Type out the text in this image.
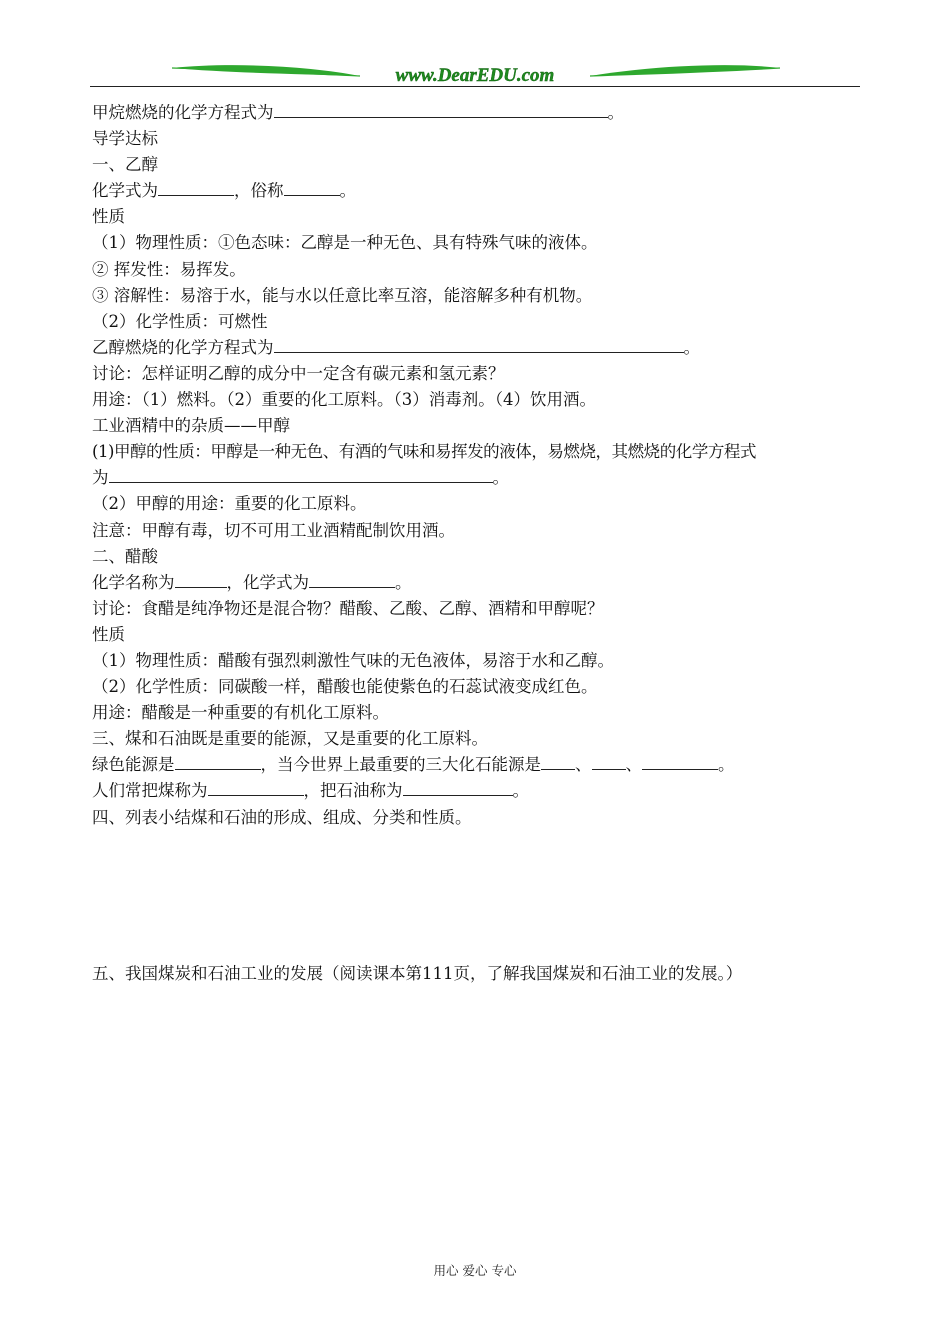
www.DearEDU.com
甲烷燃烧的化学方程式为	。
导学达标
一、乙醇
化学式为	，俗称	。
性质
（1）物理性质：①色态味：乙醇是一种无色、具有特殊气味的液体。
② 挥发性：易挥发。
③ 溶解性：易溶于水，能与水以任意比率互溶，能溶解多种有机物。
（2）化学性质：可燃性
乙醇燃烧的化学方程式为	。
讨论：怎样证明乙醇的成分中一定含有碳元素和氢元素？
用途：（1）燃料。（2）重要的化工原料。（3）消毒剂。（4）饮用酒。
工业酒精中的杂质——甲醇
(1)甲醇的性质：甲醇是一种无色、有酒的气味和易挥发的液体，易燃烧，其燃烧的化学方程式
为	。
（2）甲醇的用途：重要的化工原料。
注意：甲醇有毒，切不可用工业酒精配制饮用酒。
二、醋酸
化学名称为	，化学式为	。
讨论：食醋是纯净物还是混合物？醋酸、乙酸、乙醇、酒精和甲醇呢？
性质
（1）物理性质：醋酸有强烈刺激性气味的无色液体，易溶于水和乙醇。
（2）化学性质：同碳酸一样，醋酸也能使紫色的石蕊试液变成红色。
用途：醋酸是一种重要的有机化工原料。
三、煤和石油既是重要的能源，又是重要的化工原料。
绿色能源是	，当今世界上最重要的三大化石能源是 、 、	。
人们常把煤称为	，把石油称为	。
四、列表小结煤和石油的形成、组成、分类和性质。
五、我国煤炭和石油工业的发展（阅读课本第111页，了解我国煤炭和石油工业的发展。）
用心 爱心 专心
